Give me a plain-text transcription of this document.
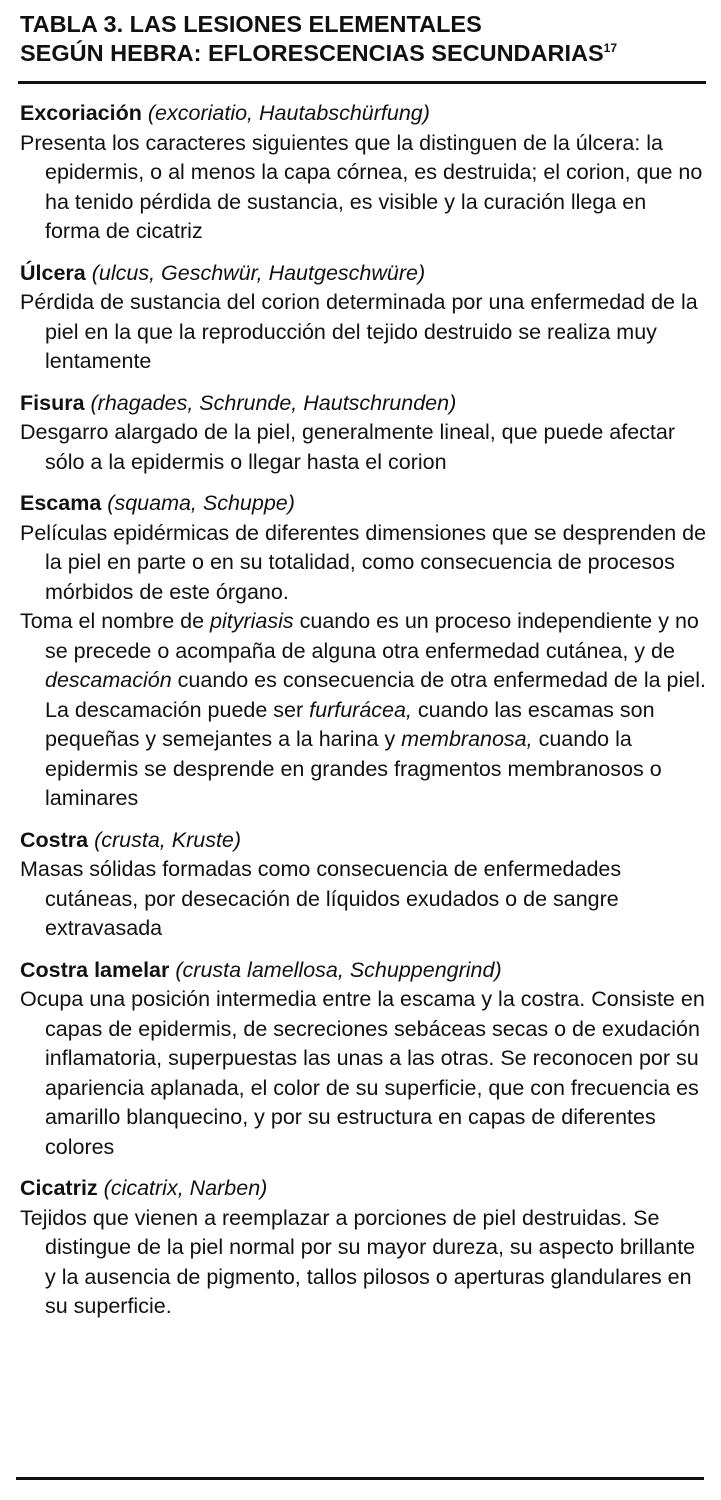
TABLA 3. LAS LESIONES ELEMENTALES
SEGÚN HEBRA: EFLORESCENCIAS SECUNDARIAS$^{17}$
Excoriación (excoriatio, Hautabschürfung)

Presenta los caracteres siguientes que la distinguen de la úlcera: la epidermis, o al menos la capa córnea, es destruida; el corion, que no ha tenido pérdida de sustancia, es visible y la curación llega en forma de cicatriz

Úlcera (ulcus, Geschwür, Hautgeschwüre)

Pérdida de sustancia del corion determinada por una enfermedad de la piel en la que la reproducción del tejido destruido se realiza muy lentamente

Fisura (rhagades, Schrunde, Hautschrunden)

Desgarro alargado de la piel, generalmente lineal, que puede afectar sólo a la epidermis o llegar hasta el corion

Escama (squama, Schuppe)

Películas epidérmicas de diferentes dimensiones que se desprenden de la piel en parte o en su totalidad, como consecuencia de procesos mórbidos de este órgano.

Toma el nombre de pityriasis cuando es un proceso independiente y no se precede o acompaña de alguna otra enfermedad cutánea, y de descamación cuando es consecuencia de otra enfermedad de la piel. La descamación puede ser furfurácea, cuando las escamas son pequeñas y semejantes a la harina y membranosa, cuando la epidermis se desprende en grandes fragmentos membranosos o laminares

Costra (crusta, Kruste)

Masas sólidas formadas como consecuencia de enfermedades cutáneas, por desecación de líquidos exudados o de sangre extravasada

Costra lamelar (crusta lamellosa, Schuppengrind)

Ocupa una posición intermedia entre la escama y la costra. Consiste en capas de epidermis, de secreciones sebáceas secas o de exudación inflamatoria, superpuestas las unas a las otras. Se reconocen por su apariencia aplanada, el color de su superficie, que con frecuencia es amarillo blanquecino, y por su estructura en capas de diferentes colores

Cicatriz (cicatrix, Narben)

Tejidos que vienen a reemplazar a porciones de piel destruidas. Se distingue de la piel normal por su mayor dureza, su aspecto brillante y la ausencia de pigmento, tallos pilosos o aperturas glandulares en su superficie.
